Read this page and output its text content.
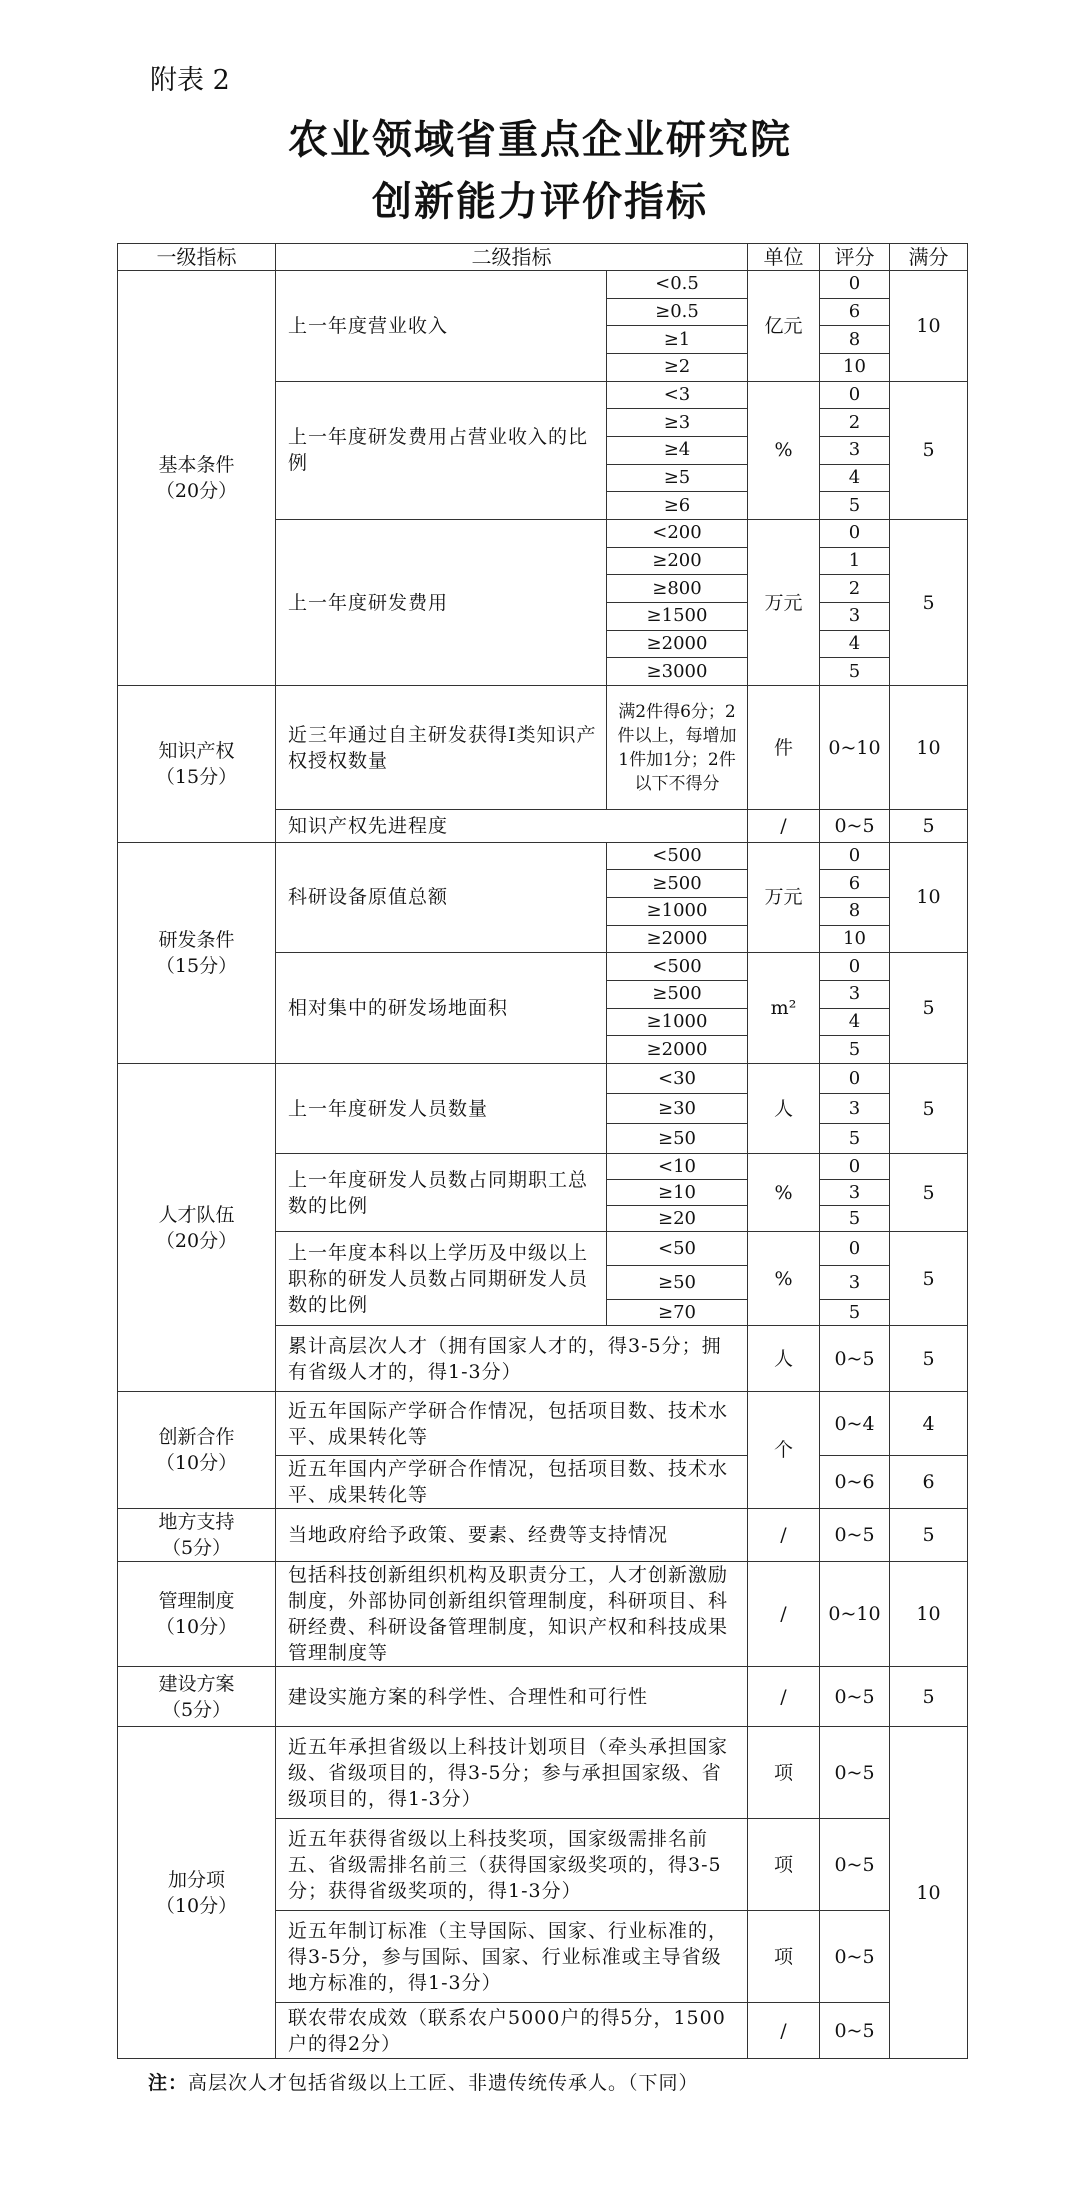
附表 2
农业领域省重点企业研究院
创新能力评价指标
一级指标	二级指标		单位	评分	满分
基本条件
（20分）	上一年度营业收入	<0.5	亿元	0	10
		≥0.5		6	
		≥1		8	
		≥2		10	
	上一年度研发费用占营业收入的比例	<3	%	0	5
		≥3		2	
		≥4		3	
		≥5		4	
		≥6		5	
	上一年度研发费用	<200	万元	0	5
		≥200		1	
		≥800		2	
		≥1500		3	
		≥2000		4	
		≥3000		5	
知识产权
（15分）	近三年通过自主研发获得I类知识产权授权数量	满2件得6分；2件以上，每增加1件加1分；2件以下不得分	件	0~10	10
	知识产权先进程度		/	0~5	5
研发条件
（15分）	科研设备原值总额	<500	万元	0	10
		≥500		6	
		≥1000		8	
		≥2000		10	
	相对集中的研发场地面积	<500	m²	0	5
		≥500		3	
		≥1000		4	
		≥2000		5	
人才队伍
（20分）	上一年度研发人员数量	<30	人	0	5
		≥30		3	
		≥50		5	
	上一年度研发人员数占同期职工总数的比例	<10	%	0	5
		≥10		3	
		≥20		5	
	上一年度本科以上学历及中级以上职称的研发人员数占同期研发人员数的比例	<50	%	0	5
		≥50		3	
		≥70		5	
	累计高层次人才（拥有国家人才的，得3-5分；拥有省级人才的，得1-3分）		人	0~5	5
创新合作
（10分）	近五年国际产学研合作情况，包括项目数、技术水平、成果转化等		个	0~4	4
	近五年国内产学研合作情况，包括项目数、技术水平、成果转化等			0~6	6
地方支持
（5分）	当地政府给予政策、要素、经费等支持情况		/	0~5	5
管理制度
（10分）	包括科技创新组织机构及职责分工，人才创新激励制度，外部协同创新组织管理制度，科研项目、科研经费、科研设备管理制度，知识产权和科技成果管理制度等		/	0~10	10
建设方案
（5分）	建设实施方案的科学性、合理性和可行性		/	0~5	5
加分项
（10分）	近五年承担省级以上科技计划项目（牵头承担国家级、省级项目的，得3-5分；参与承担国家级、省级项目的，得1-3分）		项	0~5	10
	近五年获得省级以上科技奖项，国家级需排名前五、省级需排名前三（获得国家级奖项的，得3-5分；获得省级奖项的，得1-3分）		项	0~5	
	近五年制订标准（主导国际、国家、行业标准的，得3-5分，参与国际、国家、行业标准或主导省级地方标准的，得1-3分）		项	0~5	
	联农带农成效（联系农户5000户的得5分，1500户的得2分）		/	0~5	
注：高层次人才包括省级以上工匠、非遗传统传承人。（下同）
